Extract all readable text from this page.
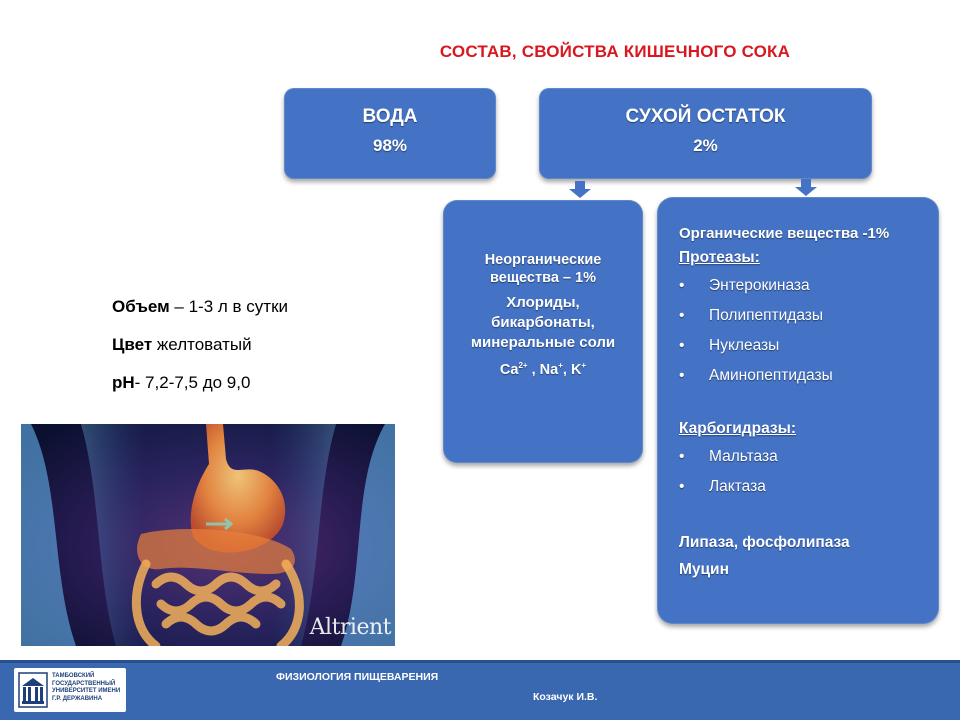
СОСТАВ, СВОЙСТВА КИШЕЧНОГО СОКА
ВОДА
98%
СУХОЙ ОСТАТОК
2%
Неорганические вещества – 1%
Хлориды, бикарбонаты, минеральные соли
$Ca^{2+}$ , Na+, K+
Органические вещества -1%
Протеазы:
• Энтерокиназа
• Полипептидазы
• Нуклеазы
• Аминопептидазы
Карбогидразы:
• Мальтаза
• Лактаза
Липаза, фосфолипаза
Муцин
Объем – 1-3 л в сутки
Цвет желтоватый
pH- 7,2-7,5 до 9,0
Altrient
ТАМБОВСКИЙ ГОСУДАРСТВЕННЫЙ УНИВЕРСИТЕТ ИМЕНИ Г.Р. ДЕРЖАВИНА
ФИЗИОЛОГИЯ ПИЩЕВАРЕНИЯ
Козачук И.В.
